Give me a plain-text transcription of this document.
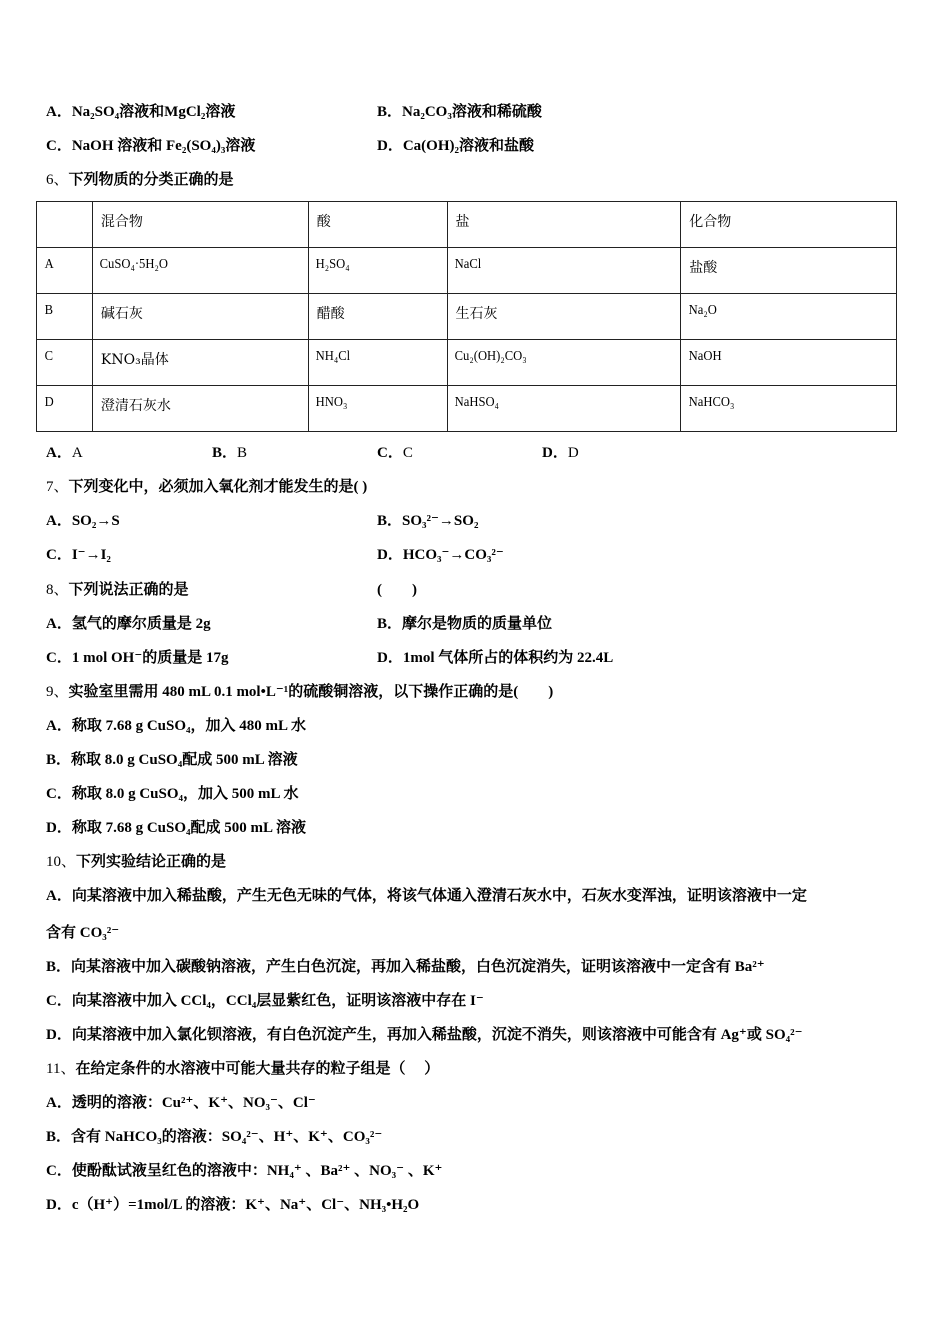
A．Na₂SO₄溶液和MgCl₂溶液	B．Na₂CO₃溶液和稀硫酸
C．NaOH 溶液和 Fe₂(SO₄)₃溶液	D．Ca(OH)₂溶液和盐酸
6、下列物质的分类正确的是
	混合物	酸	盐	化合物
A	CuSO₄·5H₂O	H₂SO₄	NaCl	盐酸
B	碱石灰	醋酸	生石灰	Na₂O
C	KNO₃晶体	NH₄Cl	Cu₂(OH)₂CO₃	NaOH
D	澄清石灰水	HNO₃	NaHSO₄	NaHCO₃
A．A	B．B	C．C	D．D
7、下列变化中，必须加入氧化剂才能发生的是( )
A．SO₂→S	B．SO₃²⁻→SO₂
C．I⁻→I₂	D．HCO₃⁻→CO₃²⁻
8、下列说法正确的是	(　　)
A．氢气的摩尔质量是 2g	B．摩尔是物质的质量单位
C．1 mol OH⁻的质量是 17g	D．1mol 气体所占的体积约为 22.4L
9、实验室里需用 480 mL 0.1 mol•L⁻¹的硫酸铜溶液，以下操作正确的是(　　)
A．称取 7.68 g CuSO₄，加入 480 mL 水
B．称取 8.0 g CuSO₄配成 500 mL 溶液
C．称取 8.0 g CuSO₄，加入 500 mL 水
D．称取 7.68 g CuSO₄配成 500 mL 溶液
10、下列实验结论正确的是
A．向某溶液中加入稀盐酸，产生无色无味的气体，将该气体通入澄清石灰水中，石灰水变浑浊，证明该溶液中一定
含有 CO₃²⁻
B．向某溶液中加入碳酸钠溶液，产生白色沉淀，再加入稀盐酸，白色沉淀消失，证明该溶液中一定含有 Ba²⁺
C．向某溶液中加入 CCl₄，CCl₄层显紫红色，证明该溶液中存在 I⁻
D．向某溶液中加入氯化钡溶液，有白色沉淀产生，再加入稀盐酸，沉淀不消失，则该溶液中可能含有 Ag⁺或 SO₄²⁻
11、在给定条件的水溶液中可能大量共存的粒子组是（　 ）
A．透明的溶液：Cu²⁺、K⁺、NO₃⁻、Cl⁻
B．含有 NaHCO₃的溶液：SO₄²⁻、H⁺、K⁺、CO₃²⁻
C．使酚酞试液呈红色的溶液中：NH₄⁺ 、Ba²⁺ 、NO₃⁻ 、K⁺
D．c（H⁺）=1mol/L 的溶液：K⁺、Na⁺、Cl⁻、NH₃•H₂O
